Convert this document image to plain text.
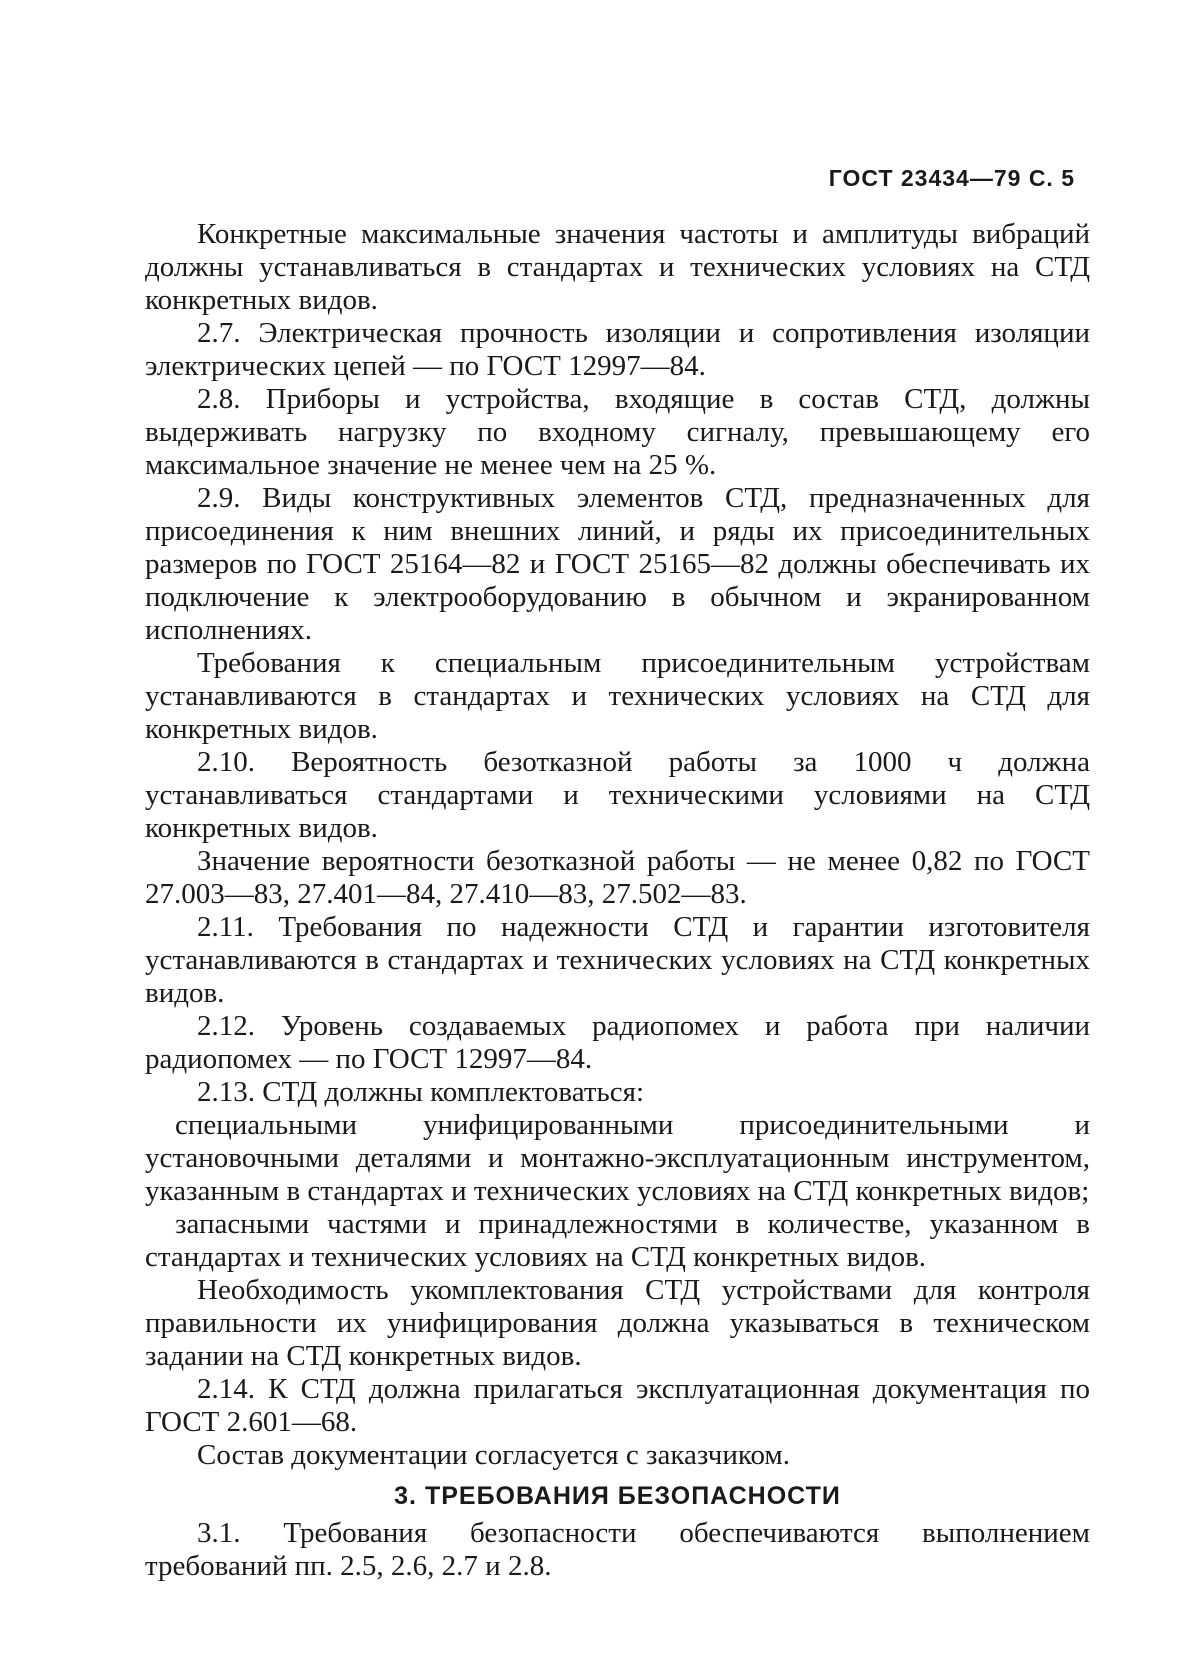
ГОСТ 23434—79 С. 5

Конкретные максимальные значения частоты и амплитуды вибраций должны устанавливаться в стандартах и технических условиях на СТД конкретных видов.

2.7. Электрическая прочность изоляции и сопротивления изоляции электрических цепей — по ГОСТ 12997—84.

2.8. Приборы и устройства, входящие в состав СТД, должны выдерживать нагрузку по входному сигналу, превышающему его максимальное значение не менее чем на 25 %.

2.9. Виды конструктивных элементов СТД, предназначенных для присоединения к ним внешних линий, и ряды их присоединительных размеров по ГОСТ 25164—82 и ГОСТ 25165—82 должны обеспечивать их подключение к электрооборудованию в обычном и экранированном исполнениях.

Требования к специальным присоединительным устройствам устанавливаются в стандартах и технических условиях на СТД для конкретных видов.

2.10. Вероятность безотказной работы за 1000 ч должна устанавливаться стандартами и техническими условиями на СТД конкретных видов.

Значение вероятности безотказной работы — не менее 0,82 по ГОСТ 27.003—83, 27.401—84, 27.410—83, 27.502—83.

2.11. Требования по надежности СТД и гарантии изготовителя устанавливаются в стандартах и технических условиях на СТД конкретных видов.

2.12. Уровень создаваемых радиопомех и работа при наличии радиопомех — по ГОСТ 12997—84.

2.13. СТД должны комплектоваться:

специальными унифицированными присоединительными и установочными деталями и монтажно-эксплуатационным инструментом, указанным в стандартах и технических условиях на СТД конкретных видов;

запасными частями и принадлежностями в количестве, указанном в стандартах и технических условиях на СТД конкретных видов.

Необходимость укомплектования СТД устройствами для контроля правильности их унифицирования должна указываться в техническом задании на СТД конкретных видов.

2.14. К СТД должна прилагаться эксплуатационная документация по ГОСТ 2.601—68.

Состав документации согласуется с заказчиком.

3. ТРЕБОВАНИЯ БЕЗОПАСНОСТИ

3.1. Требования безопасности обеспечиваются выполнением требований пп. 2.5, 2.6, 2.7 и 2.8.
